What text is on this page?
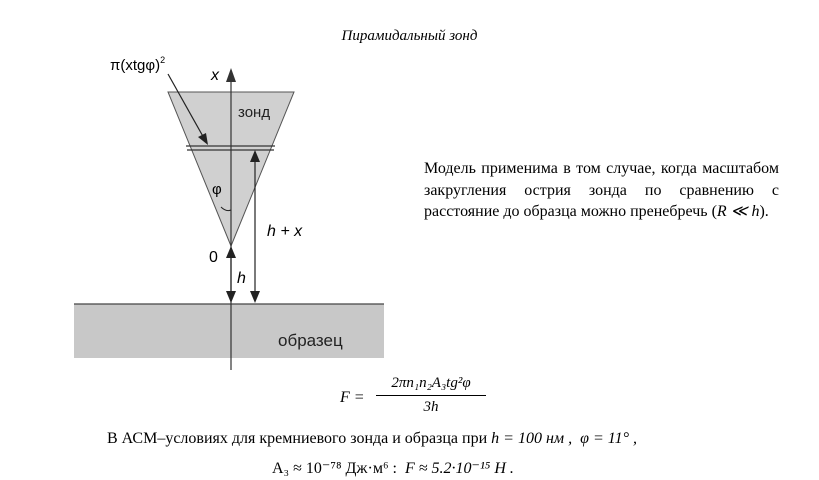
Пирамидальный зонд
образец
зонд
x
$\pi(xtg\varphi)^2$
φ
h + x
h
0
Модель применима в том случае, когда масштабом закругления острия зонда по сравнению с расстояние до образца можно пренебречь (R ≪ h).
F =
2πn₁n₂A₃tg²φ
3h
В АСМ–условиях для кремниевого зонда и образца при h = 100 нм , φ = 11° ,
A₃ ≈ 10⁻⁷⁸ Дж·м⁶ : F ≈ 5.2·10⁻¹⁵ Н .
